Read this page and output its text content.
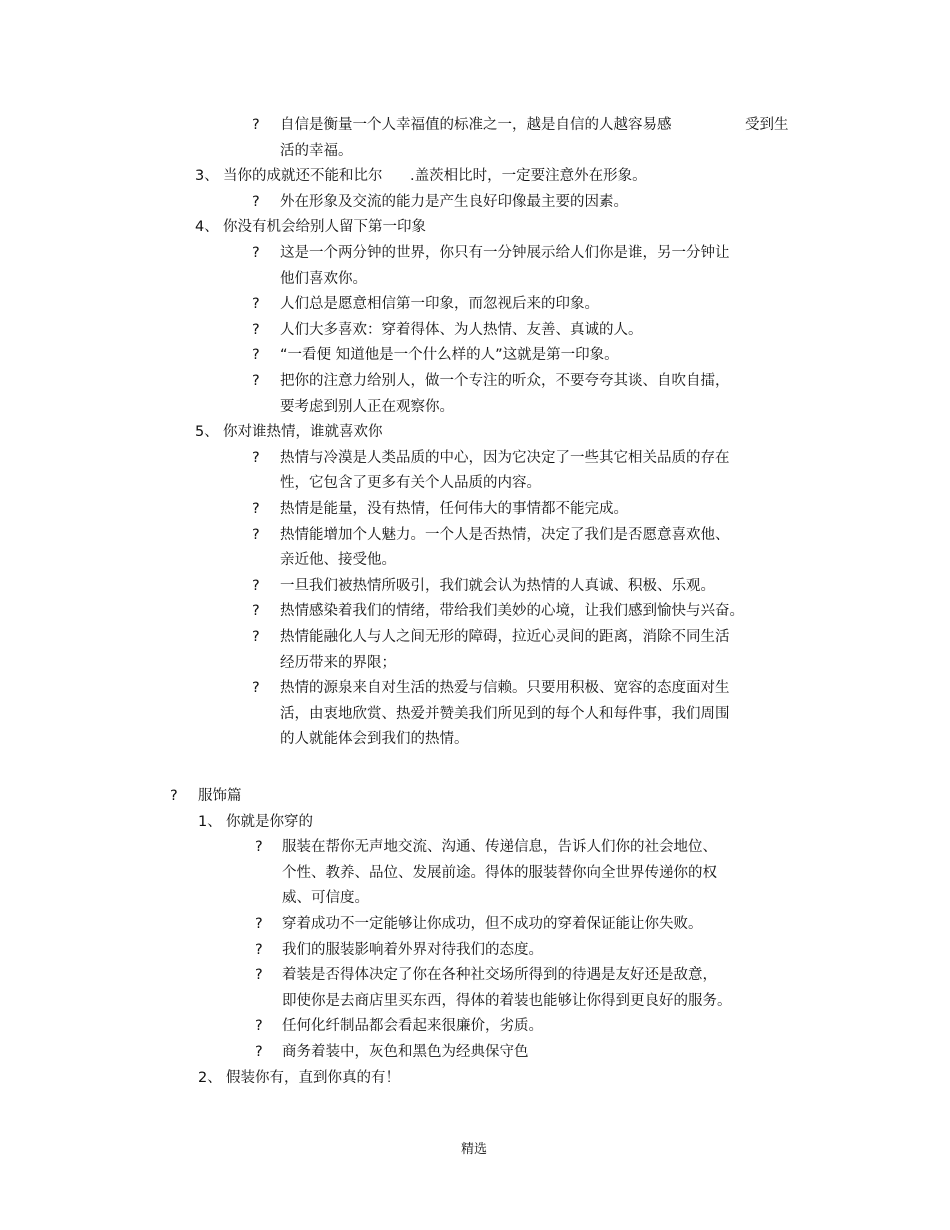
? 自信是衡量一个人幸福值的标准之一，越是自信的人越容易感
活的幸福。
受到生
3、 当你的成就还不能和比尔 .盖茨相比时，一定要注意外在形象。
? 外在形象及交流的能力是产生良好印像最主要的因素。
4、 你没有机会给别人留下第一印象
? 这是一个两分钟的世界，你只有一分钟展示给人们你是谁，另一分钟让
他们喜欢你。
? 人们总是愿意相信第一印象，而忽视后来的印象。
? 人们大多喜欢：穿着得体、为人热情、友善、真诚的人。
? “一看便 知道他是一个什么样的人”这就是第一印象。
? 把你的注意力给别人，做一个专注的听众，不要夸夸其谈、自吹自擂，
要考虑到别人正在观察你。
5、 你对谁热情，谁就喜欢你
? 热情与冷漠是人类品质的中心，因为它决定了一些其它相关品质的存在
性，它包含了更多有关个人品质的内容。
? 热情是能量，没有热情，任何伟大的事情都不能完成。
? 热情能增加个人魅力。一个人是否热情，决定了我们是否愿意喜欢他、
亲近他、接受他。
? 一旦我们被热情所吸引，我们就会认为热情的人真诚、积极、乐观。
? 热情感染着我们的情绪，带给我们美妙的心境，让我们感到愉快与兴奋。
? 热情能融化人与人之间无形的障碍，拉近心灵间的距离，消除不同生活
经历带来的界限；
? 热情的源泉来自对生活的热爱与信赖。只要用积极、宽容的态度面对生
活，由衷地欣赏、热爱并赞美我们所见到的每个人和每件事，我们周围
的人就能体会到我们的热情。
? 服饰篇
1、 你就是你穿的
? 服装在帮你无声地交流、沟通、传递信息，告诉人们你的社会地位、
个性、教养、品位、发展前途。得体的服装替你向全世界传递你的权
威、可信度。
? 穿着成功不一定能够让你成功，但不成功的穿着保证能让你失败。
? 我们的服装影响着外界对待我们的态度。
? 着装是否得体决定了你在各种社交场所得到的待遇是友好还是敌意，
即使你是去商店里买东西，得体的着装也能够让你得到更良好的服务。
? 任何化纤制品都会看起来很廉价，劣质。
? 商务着装中，灰色和黑色为经典保守色
2、 假装你有，直到你真的有！
精选
